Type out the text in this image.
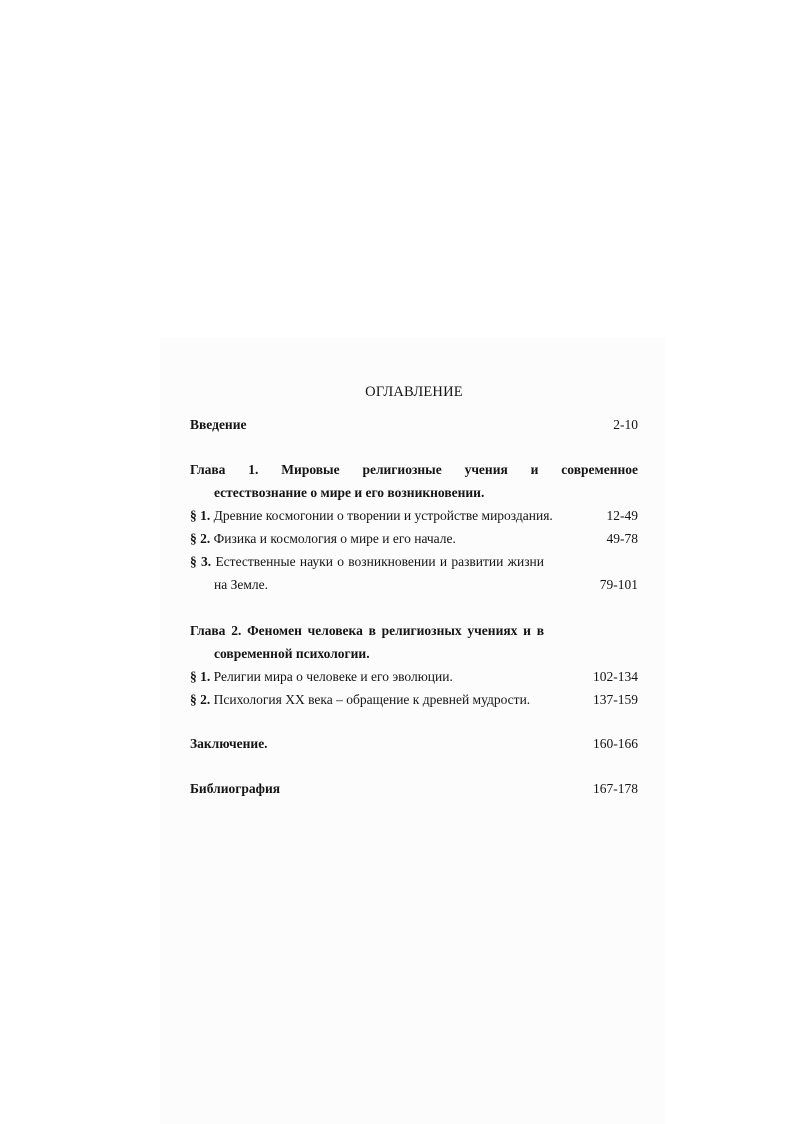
ОГЛАВЛЕНИЕ
Введение	2-10
Глава 1. Мировые религиозные учения и современное
естествознание о мире и его возникновении.
§ 1. Древние космогонии о творении и устройстве мироздания.	12-49
§ 2. Физика и космология о мире и его начале.	49-78
§ 3. Естественные науки о возникновении и развитии жизни
на Земле.	79-101
Глава 2. Феномен человека в религиозных учениях и в
современной психологии.
§ 1. Религии мира о человеке и его эволюции.	102-134
§ 2. Психология XX века – обращение к древней мудрости.	137-159
Заключение.	160-166
Библиография	167-178
